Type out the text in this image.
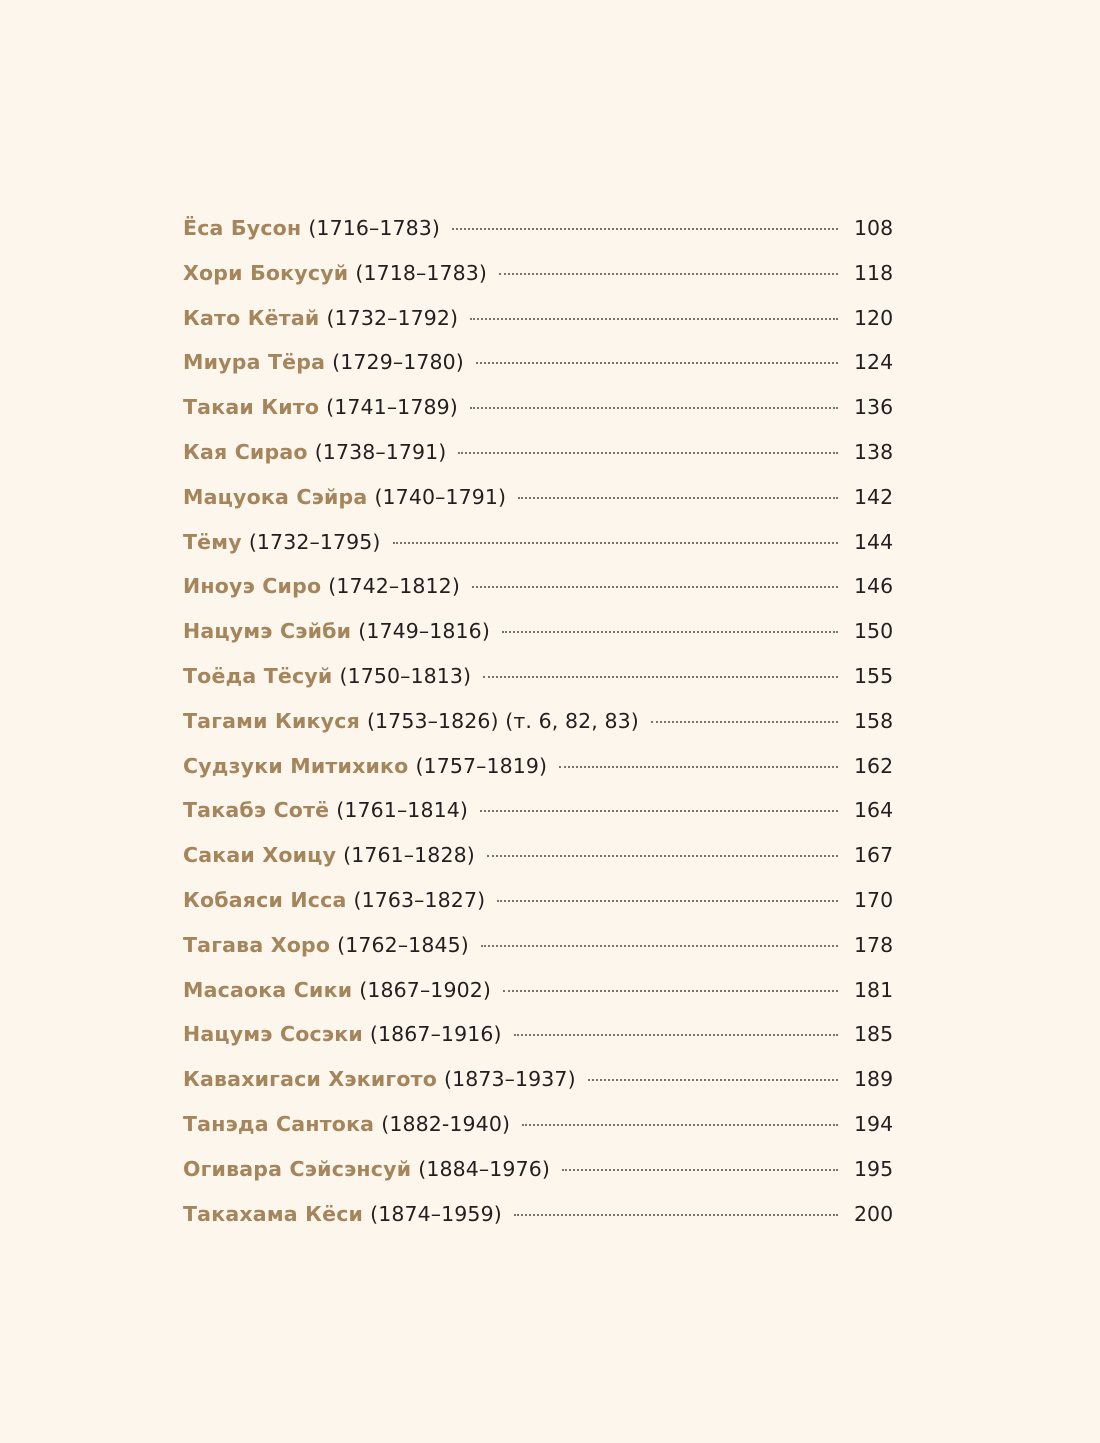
Ёса Бусон (1716–1783)	108
Хори Бокусуй (1718–1783)	118
Като Кётай (1732–1792)	120
Миура Тёра (1729–1780)	124
Такаи Кито (1741–1789)	136
Кая Сирао (1738–1791)	138
Мацуока Сэйра (1740–1791)	142
Тёму (1732–1795)	144
Иноуэ Сиро (1742–1812)	146
Нацумэ Сэйби (1749–1816)	150
Тоёда Тёсуй (1750–1813)	155
Тагами Кикуся (1753–1826) (т. 6, 82, 83)	158
Судзуки Митихико (1757–1819)	162
Такабэ Сотё (1761–1814)	164
Сакаи Хоицу (1761–1828)	167
Кобаяси Исса (1763–1827)	170
Тагава Хоро (1762–1845)	178
Масаока Сики (1867–1902)	181
Нацумэ Сосэки (1867–1916)	185
Кавахигаси Хэкигото (1873–1937)	189
Танэда Сантока (1882-1940)	194
Огивара Сэйсэнсуй (1884–1976)	195
Такахама Кёси (1874–1959)	200
